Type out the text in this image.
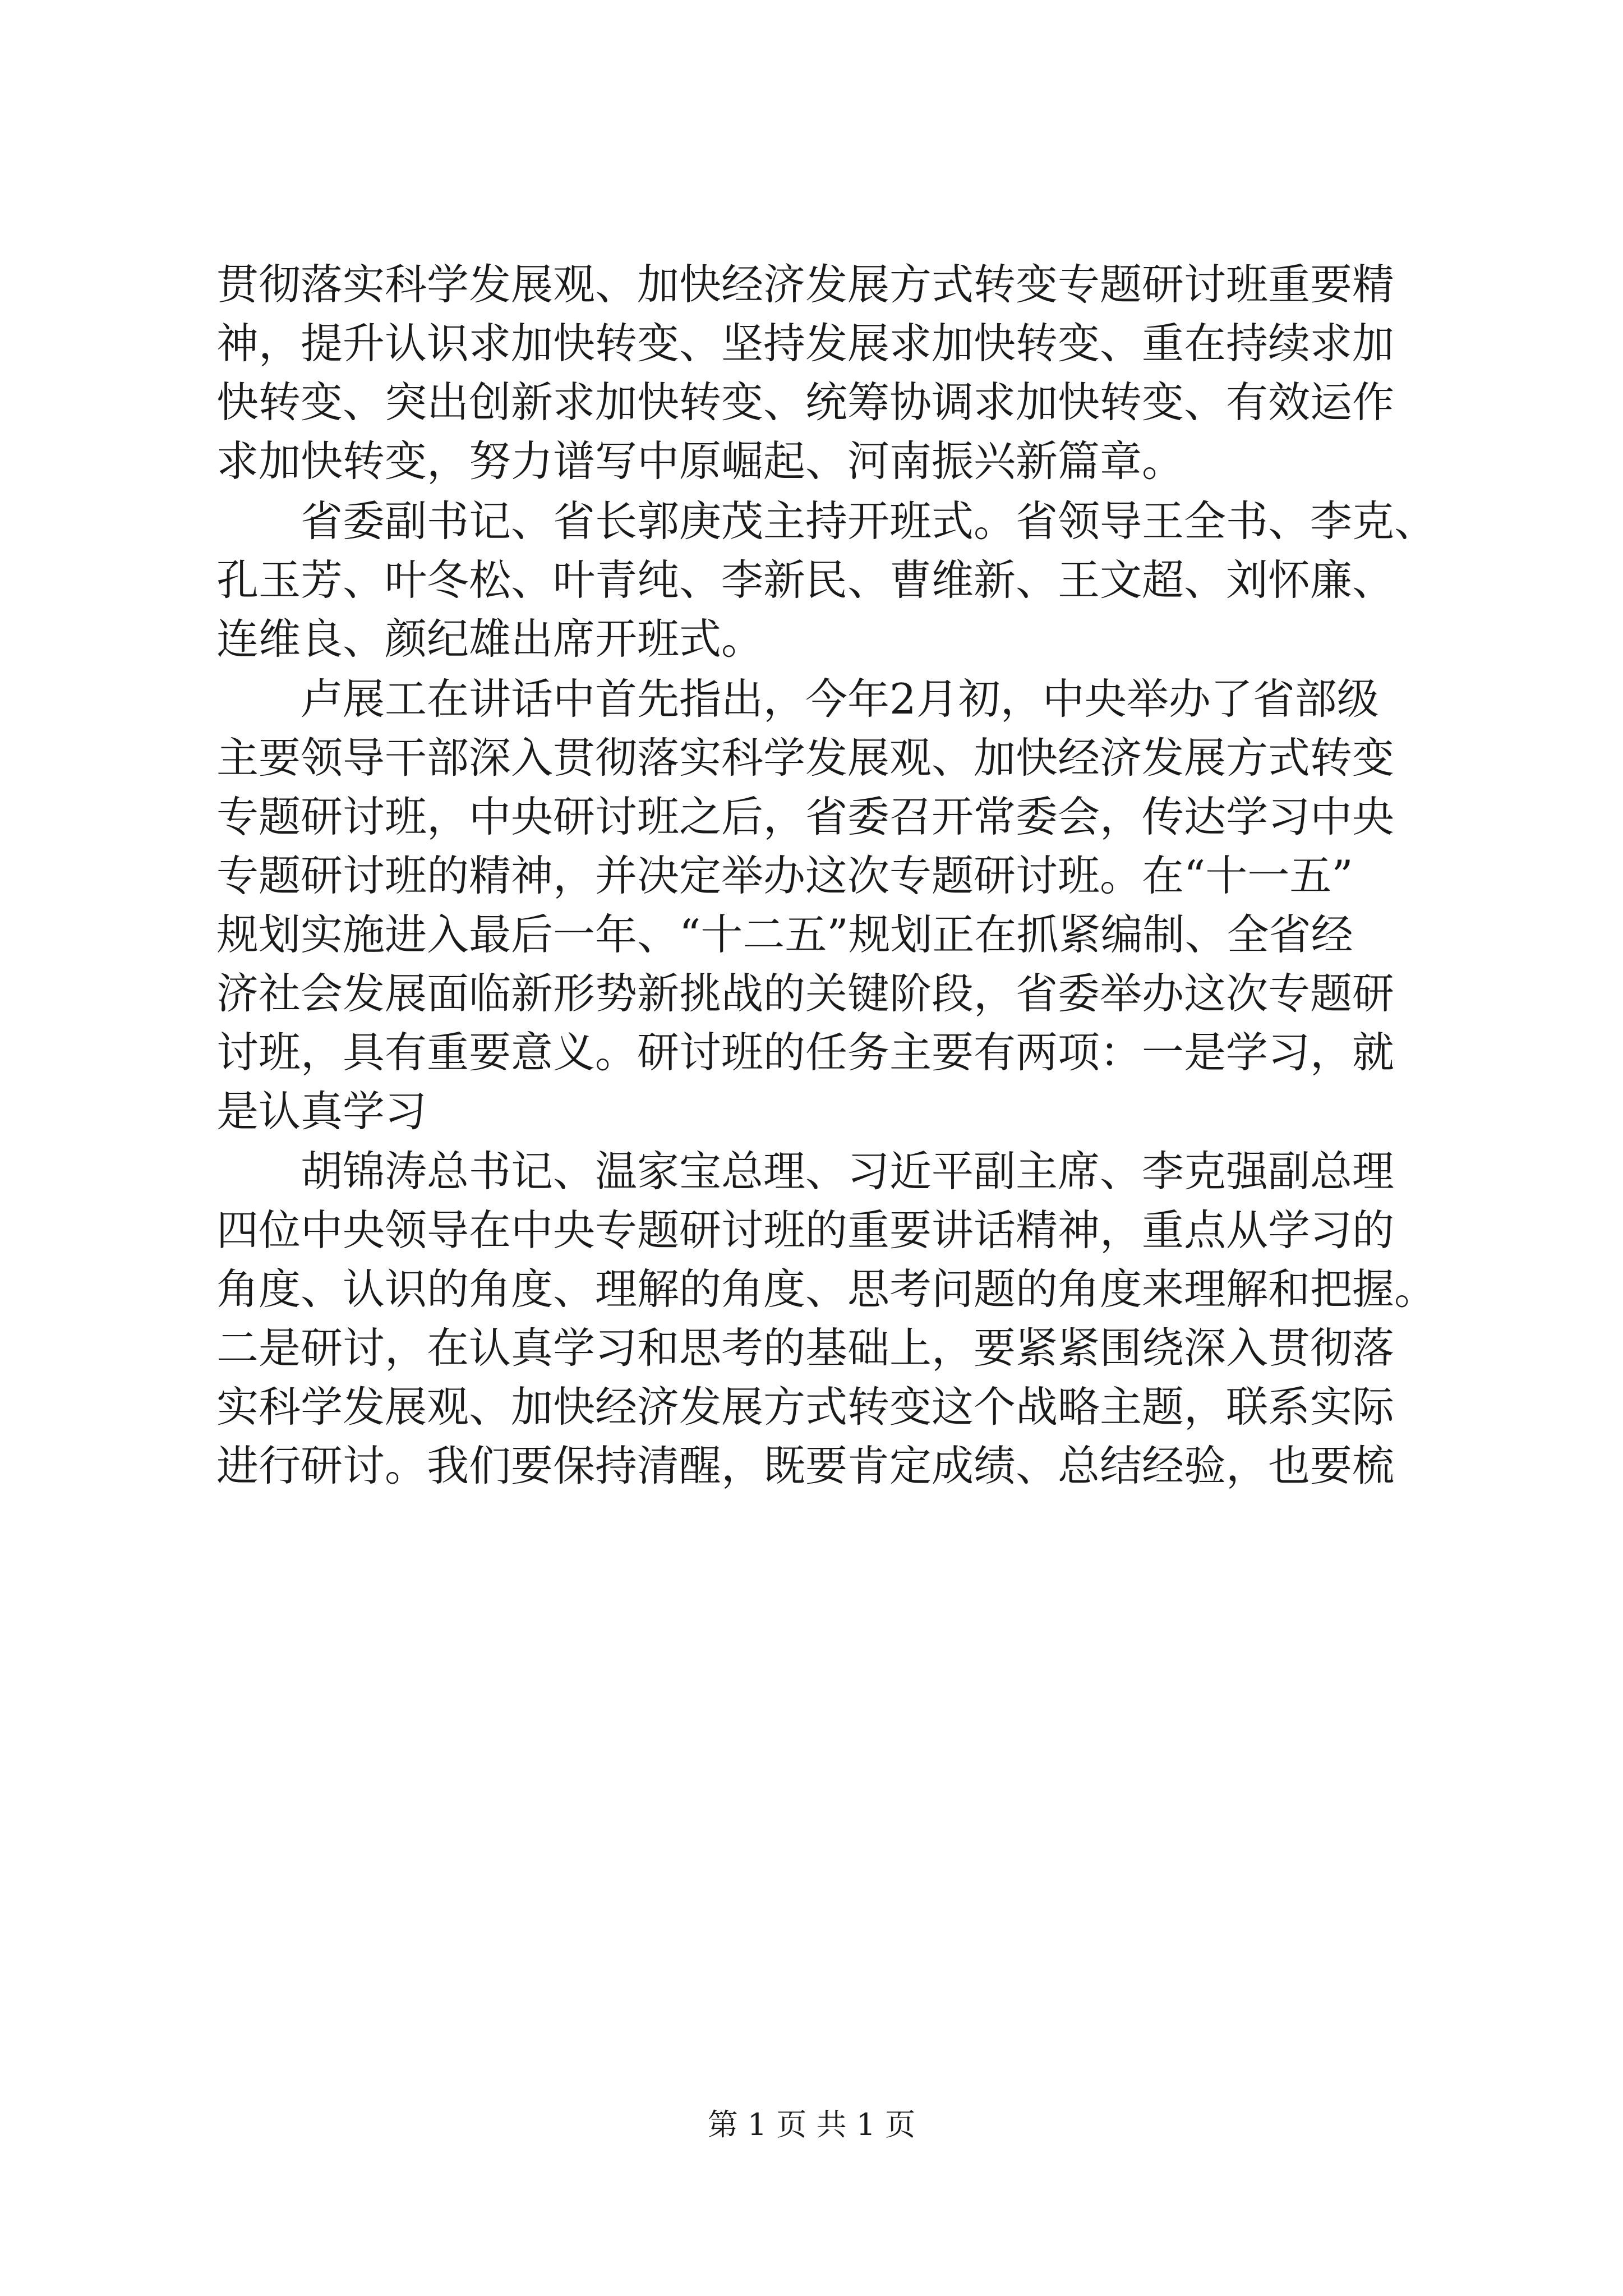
贯彻落实科学发展观、加快经济发展方式转变专题研讨班重要精
神，提升认识求加快转变、坚持发展求加快转变、重在持续求加
快转变、突出创新求加快转变、统筹协调求加快转变、有效运作
求加快转变，努力谱写中原崛起、河南振兴新篇章。
省委副书记、省长郭庚茂主持开班式。省领导王全书、李克、
孔玉芳、叶冬松、叶青纯、李新民、曹维新、王文超、刘怀廉、
连维良、颜纪雄出席开班式。
卢展工在讲话中首先指出，今年2月初，中央举办了省部级
主要领导干部深入贯彻落实科学发展观、加快经济发展方式转变
专题研讨班，中央研讨班之后，省委召开常委会，传达学习中央
专题研讨班的精神，并决定举办这次专题研讨班。在“十一五”
规划实施进入最后一年、“十二五”规划正在抓紧编制、全省经
济社会发展面临新形势新挑战的关键阶段，省委举办这次专题研
讨班，具有重要意义。研讨班的任务主要有两项：一是学习，就
是认真学习
胡锦涛总书记、温家宝总理、习近平副主席、李克强副总理
四位中央领导在中央专题研讨班的重要讲话精神，重点从学习的
角度、认识的角度、理解的角度、思考问题的角度来理解和把握。
二是研讨，在认真学习和思考的基础上，要紧紧围绕深入贯彻落
实科学发展观、加快经济发展方式转变这个战略主题，联系实际
进行研讨。我们要保持清醒，既要肯定成绩、总结经验，也要梳
第 1 页 共 1 页
